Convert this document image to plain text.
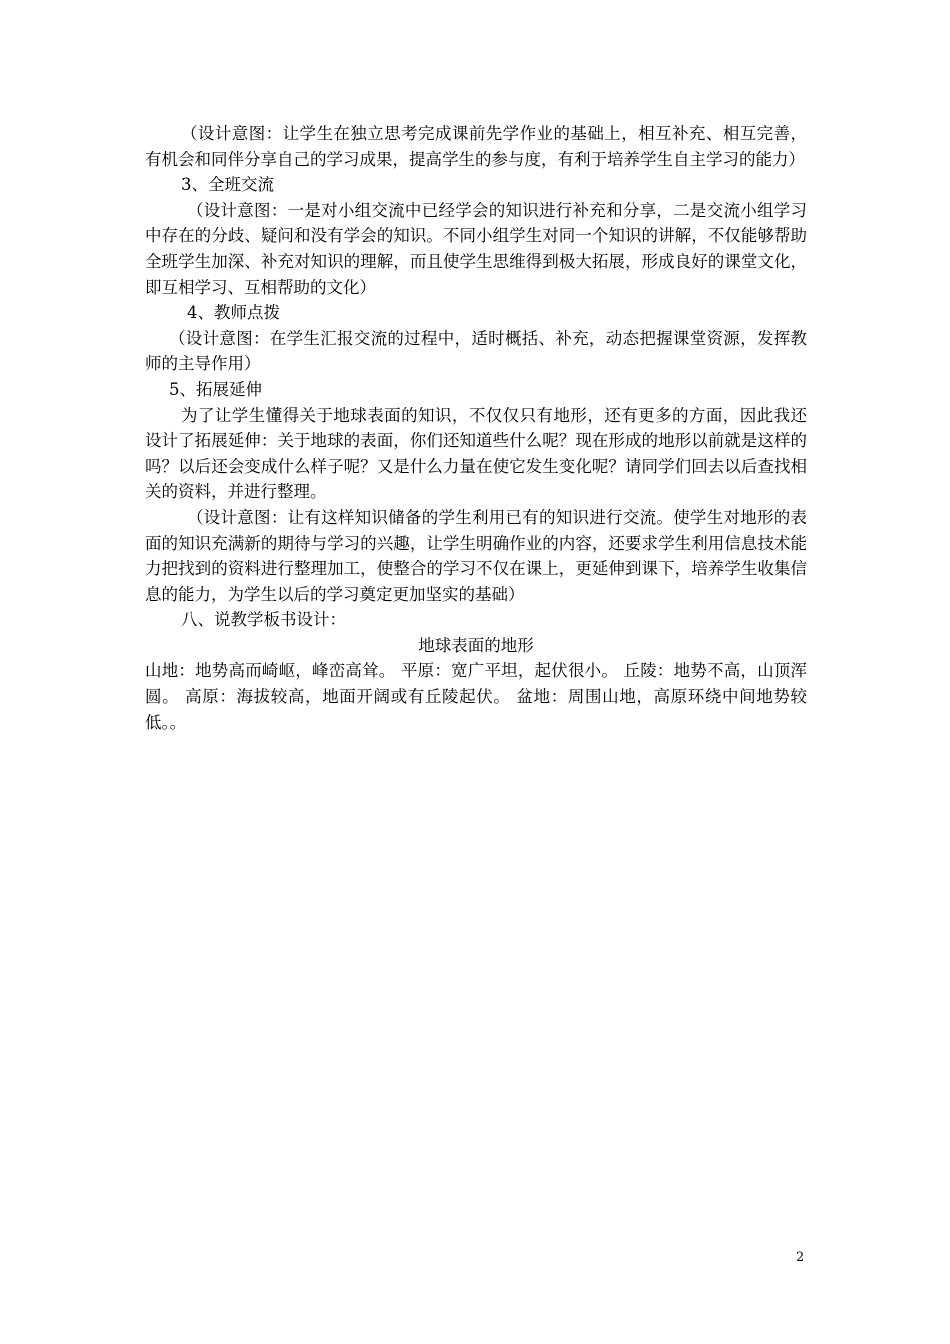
（设计意图：让学生在独立思考完成课前先学作业的基础上，相互补充、相互完善，有机会和同伴分享自己的学习成果，提高学生的参与度，有利于培养学生自主学习的能力）

3、全班交流

（设计意图：一是对小组交流中已经学会的知识进行补充和分享，二是交流小组学习中存在的分歧、疑问和没有学会的知识。不同小组学生对同一个知识的讲解，不仅能够帮助全班学生加深、补充对知识的理解，而且使学生思维得到极大拓展，形成良好的课堂文化，即互相学习、互相帮助的文化）

4、教师点拨

（设计意图：在学生汇报交流的过程中，适时概括、补充，动态把握课堂资源，发挥教师的主导作用）

5、拓展延伸

为了让学生懂得关于地球表面的知识，不仅仅只有地形，还有更多的方面，因此我还设计了拓展延伸：关于地球的表面，你们还知道些什么呢？现在形成的地形以前就是这样的吗？以后还会变成什么样子呢？又是什么力量在使它发生变化呢？请同学们回去以后查找相关的资料，并进行整理。

（设计意图：让有这样知识储备的学生利用已有的知识进行交流。使学生对地形的表面的知识充满新的期待与学习的兴趣，让学生明确作业的内容，还要求学生利用信息技术能力把找到的资料进行整理加工，使整合的学习不仅在课上，更延伸到课下，培养学生收集信息的能力，为学生以后的学习奠定更加坚实的基础）

八、说教学板书设计：

地球表面的地形

山地：地势高而崎岖，峰峦高耸。 平原：宽广平坦，起伏很小。 丘陵：地势不高，山顶浑圆。 高原：海拔较高，地面开阔或有丘陵起伏。 盆地：周围山地，高原环绕中间地势较低。。

2
